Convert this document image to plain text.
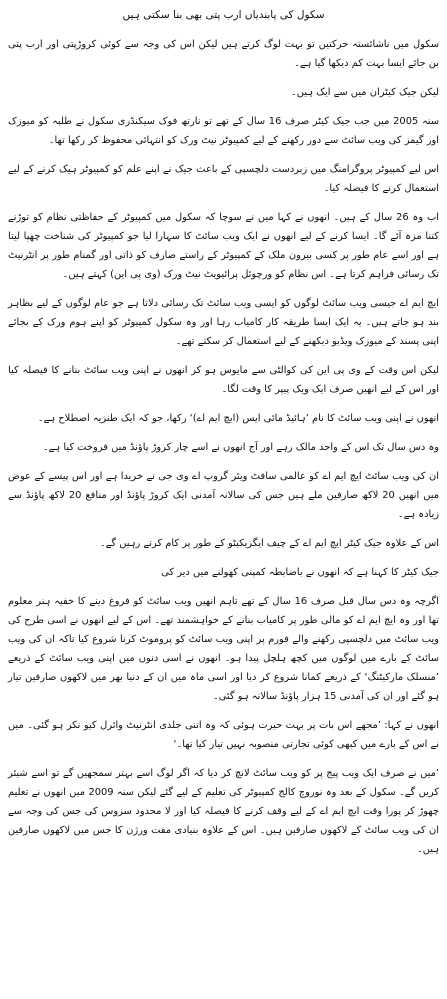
سکول کی پابندیاں ارب پتی بھی بنا سکتی ہیں

سکول میں ناشائستہ حرکتیں تو بہت لوگ کرتے ہیں لیکن اس کی وجہ سے کوئی کروڑپتی اور ارب پتی بن جائے ایسا بہت کم دیکھا گیا ہے۔

لیکن جیک کیٹران میں سے ایک ہیں۔

سنہ 2005 میں جب جیک کیٹر صرف 16 سال کے تھے تو نارتھ فوک سیکنڈری سکول نے طلبہ کو میوزک اور گیمز کی ویب سائٹ سے دور رکھنے کے لیے کمپیوٹر نیٹ ورک کو انتہائی محفوظ کر رکھا تھا۔

اس لیے کمپیوٹر پروگرامنگ میں زبردست دلچسپی کے باعث جیک نے اپنے علم کو کمپیوٹر ہیک کرنے کے لیے استعمال کرنے کا فیصلہ کیا۔

اب وہ 26 سال کے ہیں۔ انھوں نے کہا میں نے سوچا کہ سکول میں کمپیوٹر کے حفاظتی نظام کو توڑنے کتنا مزہ آئے گا۔ ایسا کرنے کے لیے انھوں نے ایک ویب سائٹ کا سہارا لیا جو کمپیوٹر کی شناخت چھپا لیتا ہے اور اسے عام طور پر کسی بیرون ملک کے کمپیوٹر کے راستے صارف کو ذاتی اور گمنام طور پر انٹرنیٹ تک رسائی فراہم کرتا ہے۔ اس نظام کو ورچوئل پرائیویٹ نیٹ ورک (وی پی این) کہتے ہیں۔

ایچ ایم اے جیسی ویب سائٹ لوگوں کو ایسی ویب سائٹ تک رسائی دلاتا ہے جو عام لوگوں کے لیے بظاہر بند ہو جاتے ہیں۔ یہ ایک ایسا طریقہ کار کامیاب رہا اور وہ سکول کمپیوٹر کو اپنے ہوم ورک کے بجائے اپنی پسند کے میوزک ویڈیو دیکھنے کے لیے استعمال کر سکتے تھے۔

لیکن اس وقت کے وی پی این کی کوالٹی سے مایوس ہو کر انھوں نے اپنی ویب سائٹ بنانے کا فیصلہ کیا اور اس کے لیے انھیں صرف ایک ویک پیپر کا وقت لگا۔

انھوں نے اپنی ویب سائٹ کا نام ’ہائیڈ مائی ایس (ایچ ایم اے)‘ رکھا، جو کہ ایک طنزیہ اصطلاح ہے۔

وہ دس سال تک اس کے واحد مالک رہے اور آج انھوں نے اسے چار کروڑ پاؤنڈ میں فروخت کیا ہے۔

ان کی ویب سائٹ ایچ ایم اے کو عالمی سافٹ ویئر گروپ اے وی جی نے خریدا ہے اور اس پیسے کے عوض میں انھیں 20 لاکھ صارفین ملے ہیں جس کی سالانہ آمدنی ایک کروڑ پاؤنڈ اور منافع 20 لاکھ پاؤنڈ سے زیادہ ہے۔

اس کے علاوہ جیک کیٹر ایچ ایم اے کے چیف ایگزیکیٹو کے طور پر کام کرتے رہیں گے۔

جیک کیٹر کا کہنا ہے کہ انھوں نے باضابطہ کمپنی کھولنے میں دیر کی

اگرچہ وہ دس سال قبل صرف 16 سال کے تھے تاہم انھیں ویب سائٹ کو فروغ دینے کا خفیہ ہنر معلوم تھا اور وہ ایچ ایم اے کو مالی طور پر کامیاب بنانے کے خواہشمند تھے۔ اس کے لیے انھوں نے اسی طرح کی ویب سائٹ میں دلچسپی رکھنے والے فورم پر اپنی ویب سائٹ کو پروموٹ کرنا شروع کیا تاکہ ان کی ویب سائٹ کے بارے میں لوگوں میں کچھ ہلچل پیدا ہو۔ انھوں نے اسی دنوں میں اپنی ویب سائٹ کے ذریعے ’منسلک مارکیٹنگ‘ کے ذریعے کمانا شروع کر دیا اور اسی ماہ میں ان کے دنیا بھر میں لاکھوں صارفین تیار ہو گئے اور ان کی آمدنی 15 ہزار پاؤنڈ سالانہ ہو گئی۔

انھوں نے کہا: ’مجھے اس بات پر بہت حیرت ہوئی کہ وہ اتنی جلدی انٹرنیٹ وائرل کیو نکر ہو گئی۔ میں نے اس کے بارے میں کبھی کوئی تجارتی منصوبہ نہیں تیار کیا تھا۔‘

’میں نے صرف ایک ویب پیج پر کو ویب سائٹ لانچ کر دیا کہ اگر لوگ اسے بہتر سمجھیں گے تو اسے شیئر کریں گے۔ سکول کے بعد وہ نوروچ کالج کمپیوٹر کی تعلیم کے لیے گئے لیکن سنہ 2009 میں انھوں نے تعلیم چھوڑ کر پورا وقت ایچ ایم اے کے لیے وقف کرنے کا فیصلہ کیا اور لا محدود سروس کی جس کی وجہ سے ان کی ویب سائٹ کے لاکھوں صارفین ہیں۔ اس کے علاوہ بنیادی مفت ورژن کا جس میں لاکھوں صارفین ہیں۔
